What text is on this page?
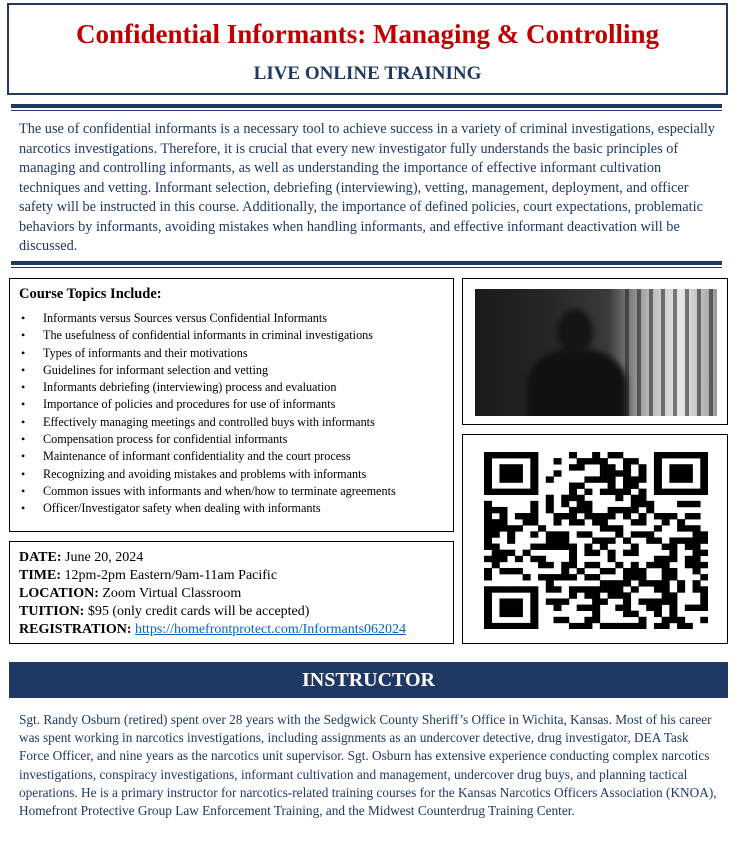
Confidential Informants: Managing & Controlling
LIVE ONLINE TRAINING
The use of confidential informants is a necessary tool to achieve success in a variety of criminal investigations, especially narcotics investigations. Therefore, it is crucial that every new investigator fully understands the basic principles of managing and controlling informants, as well as understanding the importance of effective informant cultivation techniques and vetting. Informant selection, debriefing (interviewing), vetting, management, deployment, and officer safety will be instructed in this course. Additionally, the importance of defined policies, court expectations, problematic behaviors by informants, avoiding mistakes when handling informants, and effective informant deactivation will be discussed.
Course Topics Include:
• Informants versus Sources versus Confidential Informants
• The usefulness of confidential informants in criminal investigations
• Types of informants and their motivations
• Guidelines for informant selection and vetting
• Informants debriefing (interviewing) process and evaluation
• Importance of policies and procedures for use of informants
• Effectively managing meetings and controlled buys with informants
• Compensation process for confidential informants
• Maintenance of informant confidentiality and the court process
• Recognizing and avoiding mistakes and problems with informants
• Common issues with informants and when/how to terminate agreements
• Officer/Investigator safety when dealing with informants
DATE: June 20, 2024
TIME: 12pm-2pm Eastern/9am-11am Pacific
LOCATION: Zoom Virtual Classroom
TUITION: $95 (only credit cards will be accepted)
REGISTRATION: https://homefrontprotect.com/Informants062024
INSTRUCTOR
Sgt. Randy Osburn (retired) spent over 28 years with the Sedgwick County Sheriff’s Office in Wichita, Kansas. Most of his career was spent working in narcotics investigations, including assignments as an undercover detective, drug investigator, DEA Task Force Officer, and nine years as the narcotics unit supervisor. Sgt. Osburn has extensive experience conducting complex narcotics investigations, conspiracy investigations, informant cultivation and management, undercover drug buys, and planning tactical operations. He is a primary instructor for narcotics-related training courses for the Kansas Narcotics Officers Association (KNOA), Homefront Protective Group Law Enforcement Training, and the Midwest Counterdrug Training Center.
